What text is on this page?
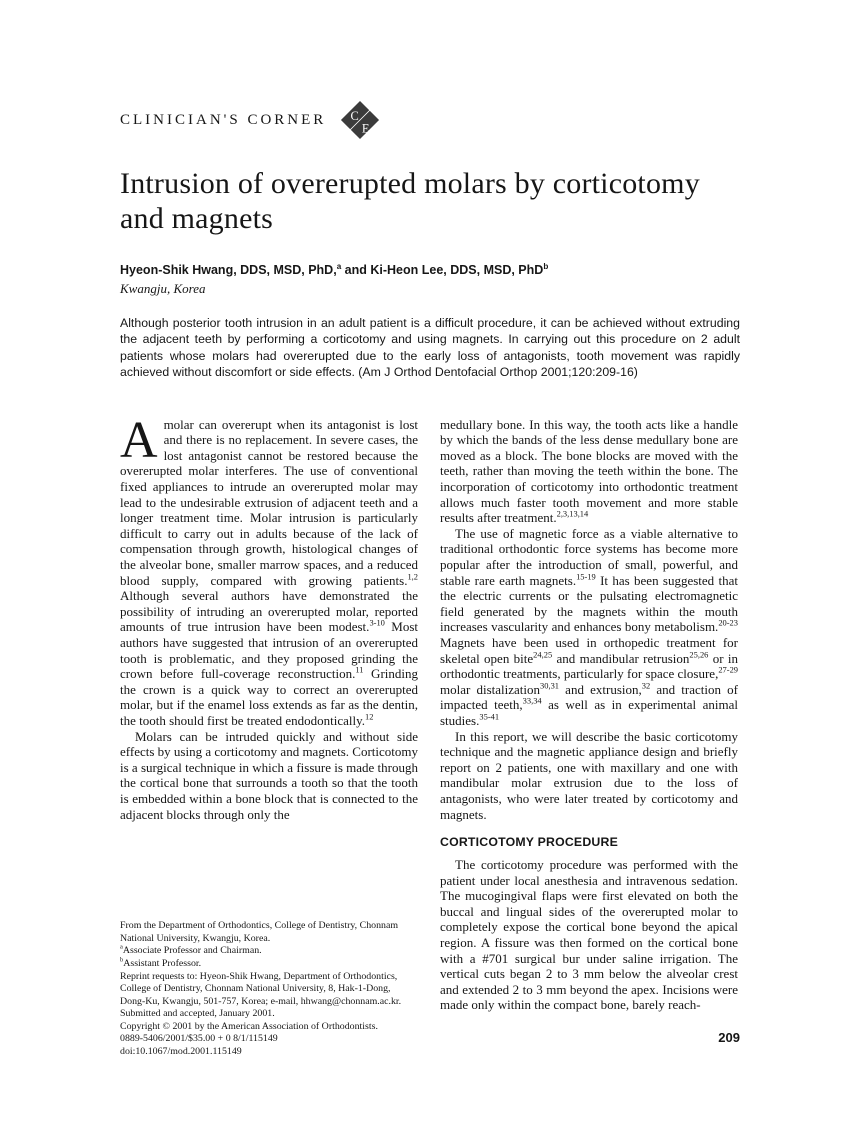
CLINICIAN'S CORNER C
E
Intrusion of overerupted molars by corticotomy and magnets

Hyeon-Shik Hwang, DDS, MSD, PhD,$^a$ and Ki-Heon Lee, DDS, MSD, PhD$^b$

Kwangju, Korea

Although posterior tooth intrusion in an adult patient is a difficult procedure, it can be achieved without extruding the adjacent teeth by performing a corticotomy and using magnets. In carrying out this procedure on 2 adult patients whose molars had overerupted due to the early loss of antagonists, tooth movement was rapidly achieved without discomfort or side effects. (Am J Orthod Dentofacial Orthop 2001;120:209-16)

Amolar can overerupt when its antagonist is lost and there is no replacement. In severe cases, the lost antagonist cannot be restored because the overerupted molar interferes. The use of conventional fixed appliances to intrude an overerupted molar may lead to the undesirable extrusion of adjacent teeth and a longer treatment time. Molar intrusion is particularly difficult to carry out in adults because of the lack of compensation through growth, histological changes of the alveolar bone, smaller marrow spaces, and a reduced blood supply, compared with growing patients.$^{1,2}$ Although several authors have demonstrated the possibility of intruding an overerupted molar, reported amounts of true intrusion have been modest.$^{3-10}$ Most authors have suggested that intrusion of an overerupted tooth is problematic, and they proposed grinding the crown before full-coverage reconstruction.$^{11}$ Grinding the crown is a quick way to correct an overerupted molar, but if the enamel loss extends as far as the dentin, the tooth should first be treated endodontically.$^{12}$

Molars can be intruded quickly and without side effects by using a corticotomy and magnets. Corticotomy is a surgical technique in which a fissure is made through the cortical bone that surrounds a tooth so that the tooth is embedded within a bone block that is connected to the adjacent blocks through only the

From the Department of Orthodontics, College of Dentistry, Chonnam National University, Kwangju, Korea.
$^a$Associate Professor and Chairman.
$^b$Assistant Professor.
Reprint requests to: Hyeon-Shik Hwang, Department of Orthodontics, College of Dentistry, Chonnam National University, 8, Hak-1-Dong, Dong-Ku, Kwangju, 501-757, Korea; e-mail, hhwang@chonnam.ac.kr.
Submitted and accepted, January 2001.
Copyright © 2001 by the American Association of Orthodontists.
0889-5406/2001/$35.00 + 0 8/1/115149
doi:10.1067/mod.2001.115149

medullary bone. In this way, the tooth acts like a handle by which the bands of the less dense medullary bone are moved as a block. The bone blocks are moved with the teeth, rather than moving the teeth within the bone. The incorporation of corticotomy into orthodontic treatment allows much faster tooth movement and more stable results after treatment.$^{2,3,13,14}$

The use of magnetic force as a viable alternative to traditional orthodontic force systems has become more popular after the introduction of small, powerful, and stable rare earth magnets.$^{15-19}$ It has been suggested that the electric currents or the pulsating electromagnetic field generated by the magnets within the mouth increases vascularity and enhances bony metabolism.$^{20-23}$ Magnets have been used in orthopedic treatment for skeletal open bite$^{24,25}$ and mandibular retrusion$^{25,26}$ or in orthodontic treatments, particularly for space closure,$^{27-29}$ molar distalization$^{30,31}$ and extrusion,$^{32}$ and traction of impacted teeth,$^{33,34}$ as well as in experimental animal studies.$^{35-41}$

In this report, we will describe the basic corticotomy technique and the magnetic appliance design and briefly report on 2 patients, one with maxillary and one with mandibular molar extrusion due to the loss of antagonists, who were later treated by corticotomy and magnets.

CORTICOTOMY PROCEDURE

The corticotomy procedure was performed with the patient under local anesthesia and intravenous sedation. The mucogingival flaps were first elevated on both the buccal and lingual sides of the overerupted molar to completely expose the cortical bone beyond the apical region. A fissure was then formed on the cortical bone with a #701 surgical bur under saline irrigation. The vertical cuts began 2 to 3 mm below the alveolar crest and extended 2 to 3 mm beyond the apex. Incisions were made only within the compact bone, barely reach-

209
